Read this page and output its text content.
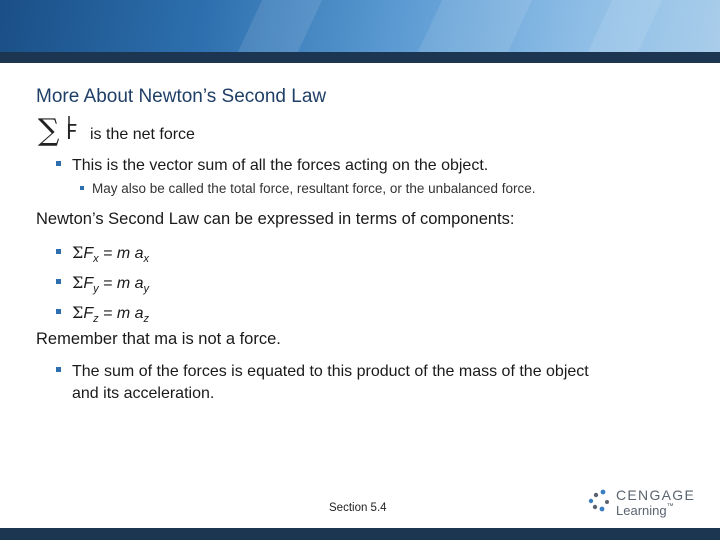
More About Newton’s Second Law
∑ F is the net force
This is the vector sum of all the forces acting on the object.
May also be called the total force, resultant force, or the unbalanced force.
Newton’s Second Law can be expressed in terms of components:
$\Sigma F_x = m$ $a_x$
$\Sigma F_y = m$ $a_y$
$\Sigma F_z = m$ $a_z$
Remember that ma is not a force.
The sum of the forces is equated to this product of the mass of the object
and its acceleration.
Section 5.4
CENGAGE
Learning™
